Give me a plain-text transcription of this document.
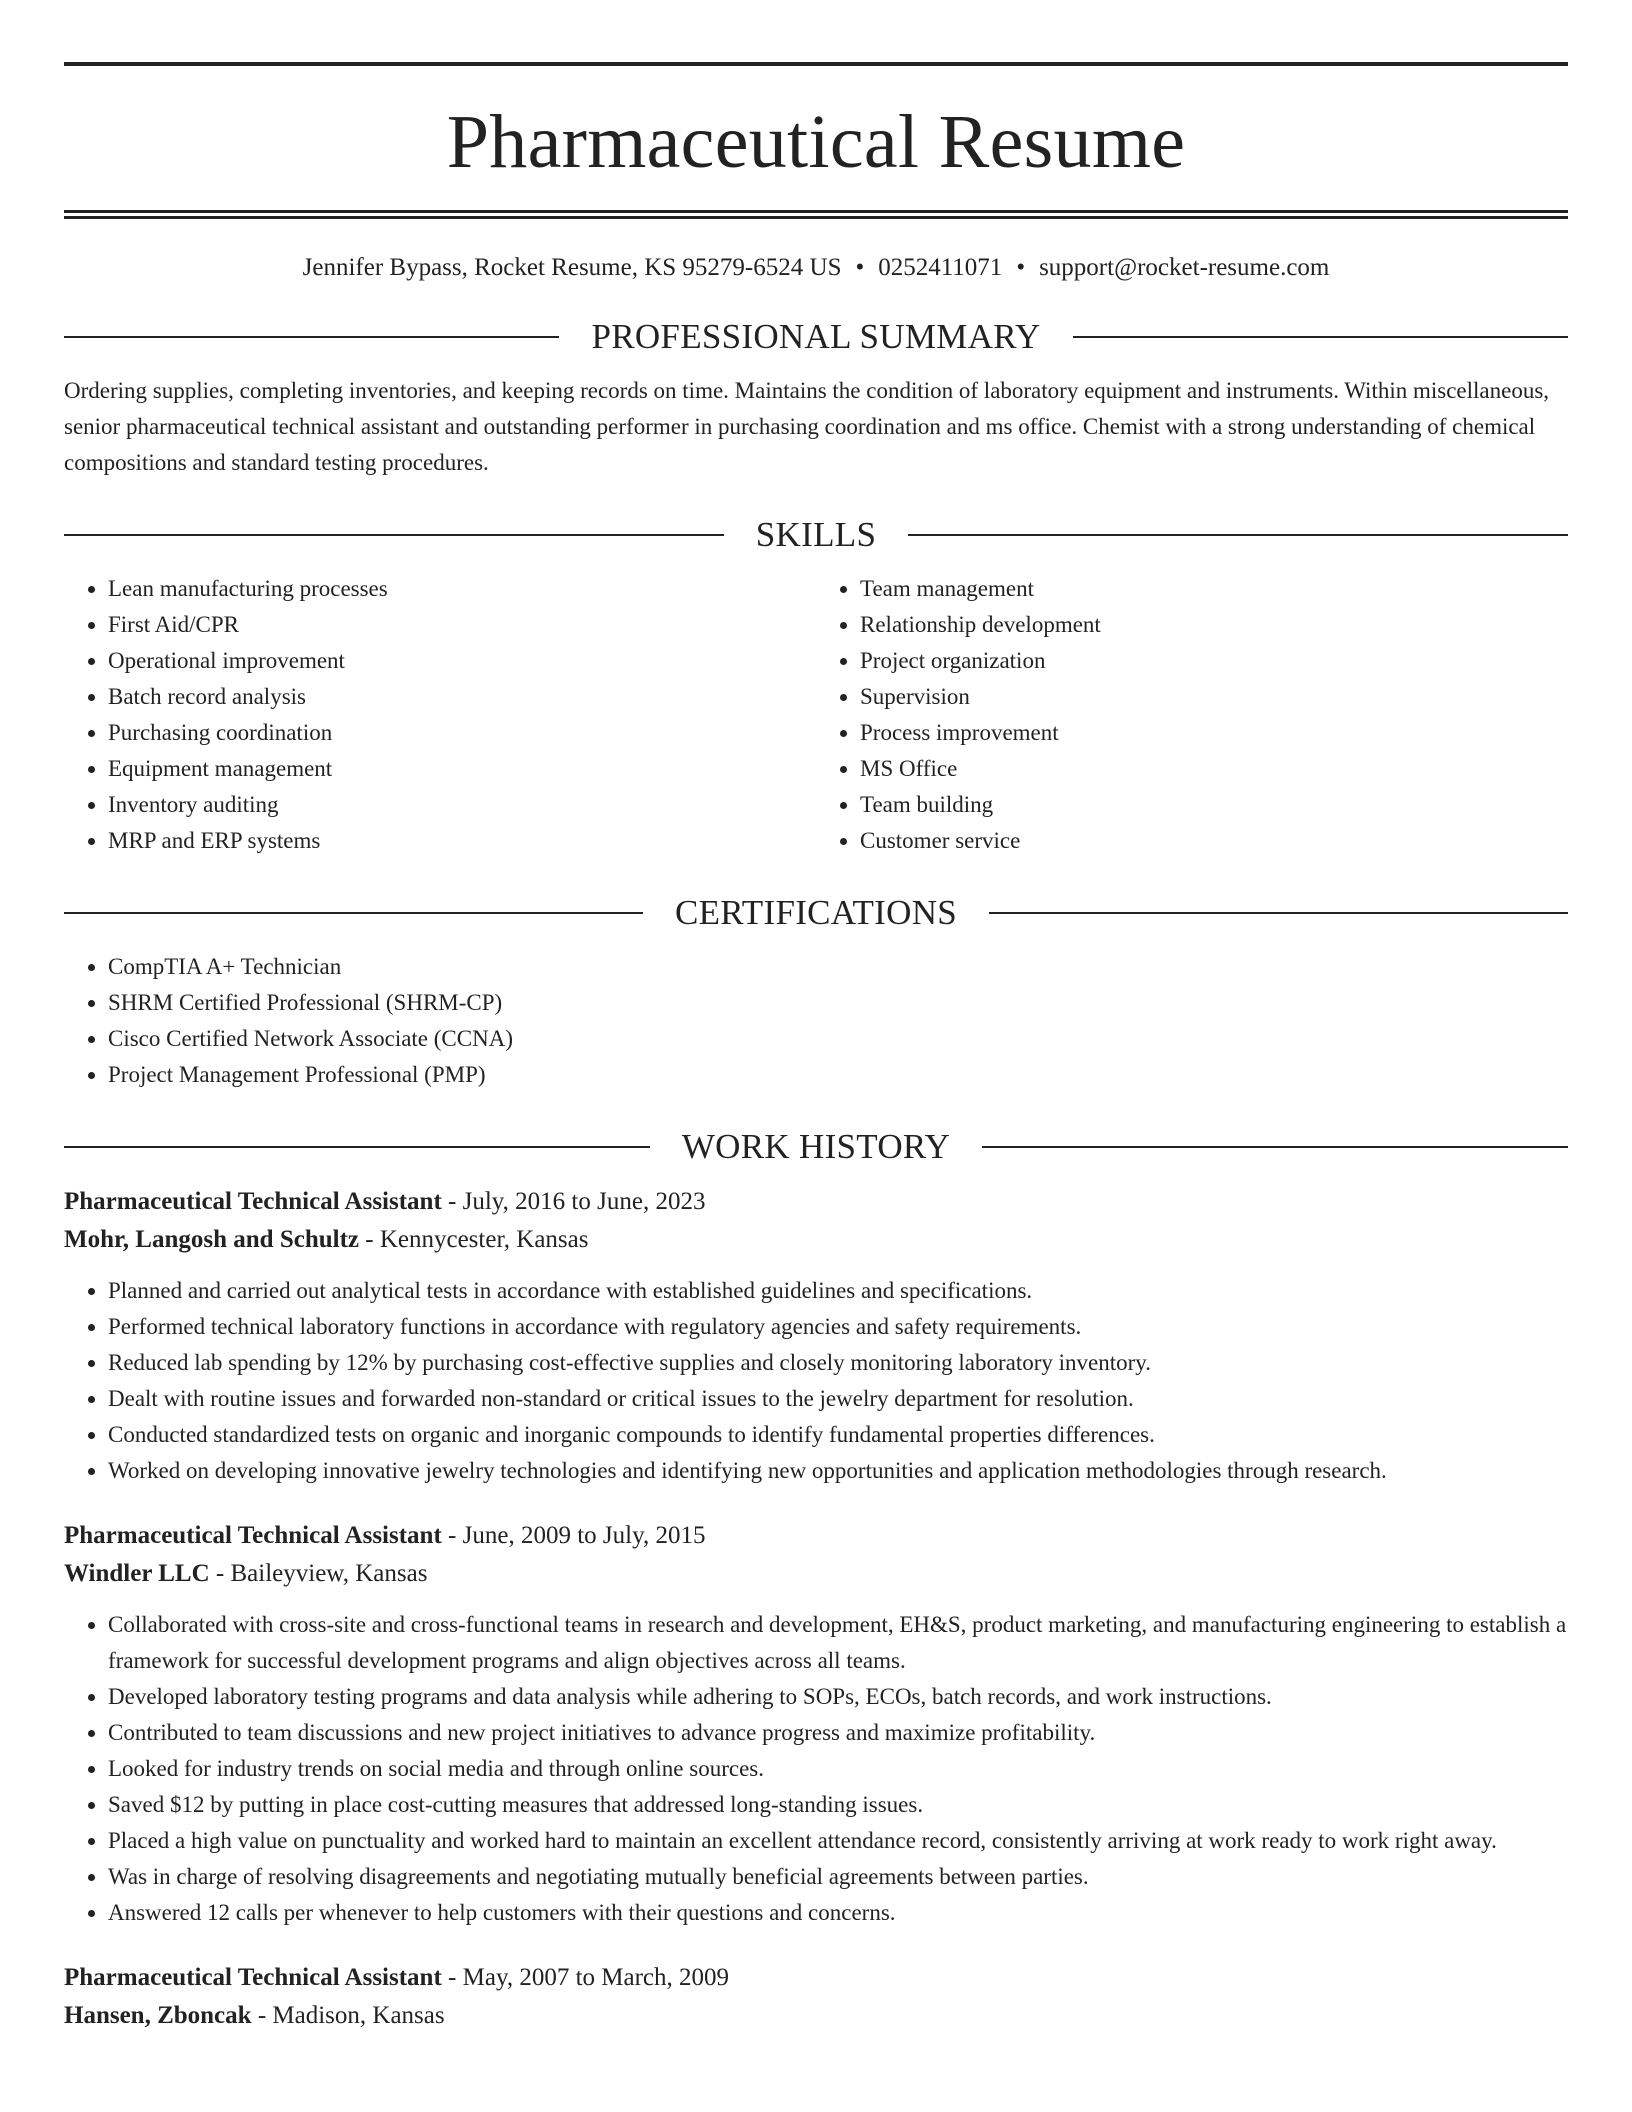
Pharmaceutical Resume
Jennifer Bypass, Rocket Resume, KS 95279-6524 US • 0252411071 • support@rocket-resume.com
PROFESSIONAL SUMMARY

Ordering supplies, completing inventories, and keeping records on time. Maintains the condition of laboratory equipment and instruments. Within miscellaneous, senior pharmaceutical technical assistant and outstanding performer in purchasing coordination and ms office. Chemist with a strong understanding of chemical compositions and standard testing procedures.

SKILLS
• Lean manufacturing processes
• First Aid/CPR
• Operational improvement
• Batch record analysis
• Purchasing coordination
• Equipment management
• Inventory auditing
• MRP and ERP systems
• Team management
• Relationship development
• Project organization
• Supervision
• Process improvement
• MS Office
• Team building
• Customer service
CERTIFICATIONS
• CompTIA A+ Technician
• SHRM Certified Professional (SHRM-CP)
• Cisco Certified Network Associate (CCNA)
• Project Management Professional (PMP)
WORK HISTORY
Pharmaceutical Technical Assistant - July, 2016 to June, 2023
Mohr, Langosh and Schultz - Kennycester, Kansas
• Planned and carried out analytical tests in accordance with established guidelines and specifications.
• Performed technical laboratory functions in accordance with regulatory agencies and safety requirements.
• Reduced lab spending by 12% by purchasing cost-effective supplies and closely monitoring laboratory inventory.
• Dealt with routine issues and forwarded non-standard or critical issues to the jewelry department for resolution.
• Conducted standardized tests on organic and inorganic compounds to identify fundamental properties differences.
• Worked on developing innovative jewelry technologies and identifying new opportunities and application methodologies through research.
Pharmaceutical Technical Assistant - June, 2009 to July, 2015
Windler LLC - Baileyview, Kansas
• Collaborated with cross-site and cross-functional teams in research and development, EH&S, product marketing, and manufacturing engineering to establish a framework for successful development programs and align objectives across all teams.
• Developed laboratory testing programs and data analysis while adhering to SOPs, ECOs, batch records, and work instructions.
• Contributed to team discussions and new project initiatives to advance progress and maximize profitability.
• Looked for industry trends on social media and through online sources.
• Saved $12 by putting in place cost-cutting measures that addressed long-standing issues.
• Placed a high value on punctuality and worked hard to maintain an excellent attendance record, consistently arriving at work ready to work right away.
• Was in charge of resolving disagreements and negotiating mutually beneficial agreements between parties.
• Answered 12 calls per whenever to help customers with their questions and concerns.
Pharmaceutical Technical Assistant - May, 2007 to March, 2009
Hansen, Zboncak - Madison, Kansas
